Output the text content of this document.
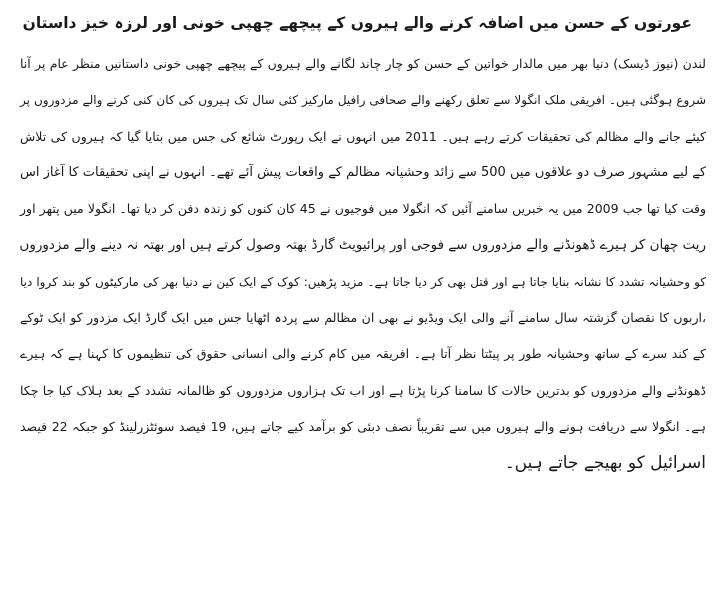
عورتوں کے حسن میں اضافہ کرنے والے ہیروں کے پیچھے چھپی خونی اور لرزہ خیز داستان
لندن (نیوز ڈیسک) دنیا بھر میں مالدار خواتین کے حسن کو چار چاند لگانے والے ہیروں کے پیچھے چھپی خونی داستانیں منظر عام پر آنا
شروع ہوگئی ہیں۔ افریقی ملک انگولا سے تعلق رکھنے والے صحافی رافیل مارکیز کئی سال تک ہیروں کی کان کنی کرنے والے مزدوروں پر
کیئے جانے والے مظالم کی تحقیقات کرتے رہے ہیں۔ 2011 میں انہوں نے ایک رپورٹ شائع کی جس میں بتایا گیا کہ ہیروں کی تلاش
کے لیے مشہور صرف دو علاقوں میں 500 سے زائد وحشیانہ مظالم کے واقعات پیش آئے تھے۔ انہوں نے اپنی تحقیقات کا آغاز اس
وقت کیا تھا جب 2009 میں یہ خبریں سامنے آئیں کہ انگولا میں فوجیوں نے 45 کان کنوں کو زندہ دفن کر دیا تھا۔ انگولا میں پتھر اور
ریت چھان کر ہیرے ڈھونڈنے والے مزدوروں سے فوجی اور پرائیویٹ گارڈ بھتہ وصول کرتے ہیں اور بھتہ نہ دینے والے مزدوروں
کو وحشیانہ تشدد کا نشانہ بنایا جاتا ہے اور قتل بھی کر دیا جاتا ہے۔ مزید پڑھیں: کوک کے ایک کین نے دنیا بھر کی مارکیٹوں کو بند کروا دیا
،اربوں کا نقصان گزشتہ سال سامنے آنے والی ایک ویڈیو نے بھی ان مظالم سے پردہ اٹھایا جس میں ایک گارڈ ایک مزدور کو ایک ٹوکے
کے کند سرے کے ساتھ وحشیانہ طور پر پیٹتا نظر آتا ہے۔ افریقہ میں کام کرنے والی انسانی حقوق کی تنظیموں کا کہنا ہے کہ ہیرے
ڈھونڈنے والے مزدوروں کو بدترین حالات کا سامنا کرنا پڑتا ہے اور اب تک ہزاروں مزدوروں کو ظالمانہ تشدد کے بعد ہلاک کیا جا چکا
ہے۔ انگولا سے دریافت ہونے والے ہیروں میں سے تقریباً نصف دبئی کو برآمد کیے جاتے ہیں، 19 فیصد سوئٹزرلینڈ کو جبکہ 22 فیصد
اسرائیل کو بھیجے جاتے ہیں۔
